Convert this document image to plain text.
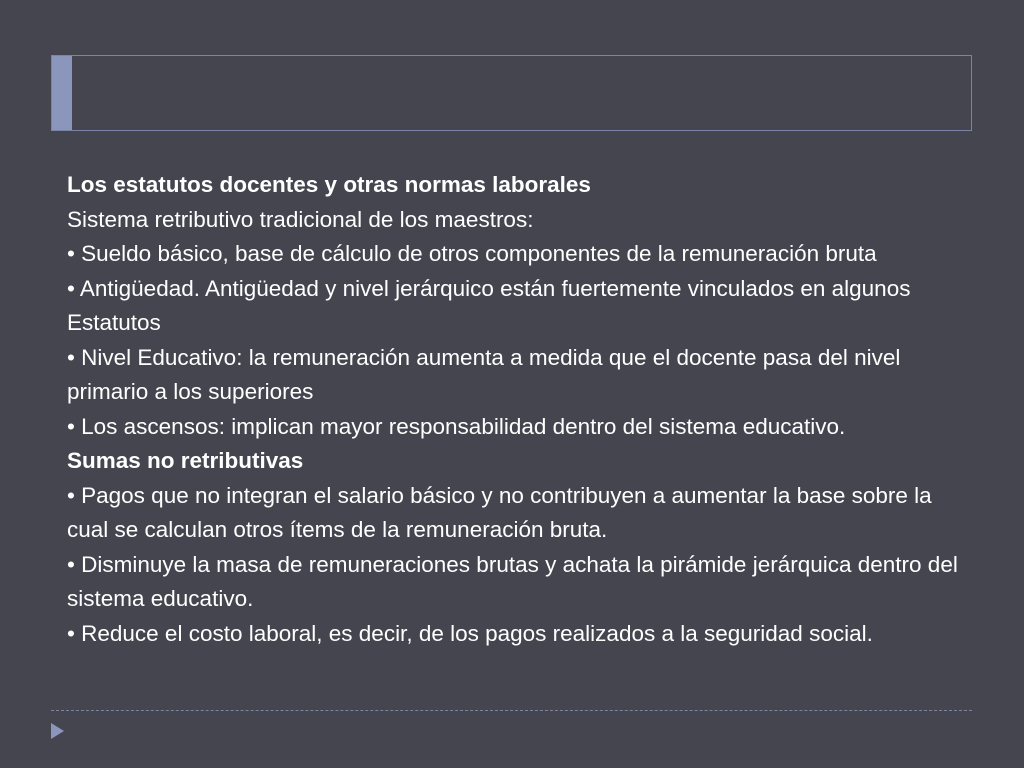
Los estatutos docentes y otras normas laborales

Sistema retributivo tradicional de los maestros:

• Sueldo básico, base de cálculo de otros componentes de la remuneración bruta

• Antigüedad. Antigüedad y nivel jerárquico están fuertemente vinculados en algunos Estatutos

• Nivel Educativo: la remuneración aumenta a medida que el docente pasa del nivel primario a los superiores

• Los ascensos: implican mayor responsabilidad dentro del sistema educativo.

Sumas no retributivas

• Pagos que no integran el salario básico y no contribuyen a aumentar la base sobre la cual se calculan otros ítems de la remuneración bruta.

• Disminuye la masa de remuneraciones brutas y achata la pirámide jerárquica dentro del sistema educativo.

• Reduce el costo laboral, es decir, de los pagos realizados a la seguridad social.
